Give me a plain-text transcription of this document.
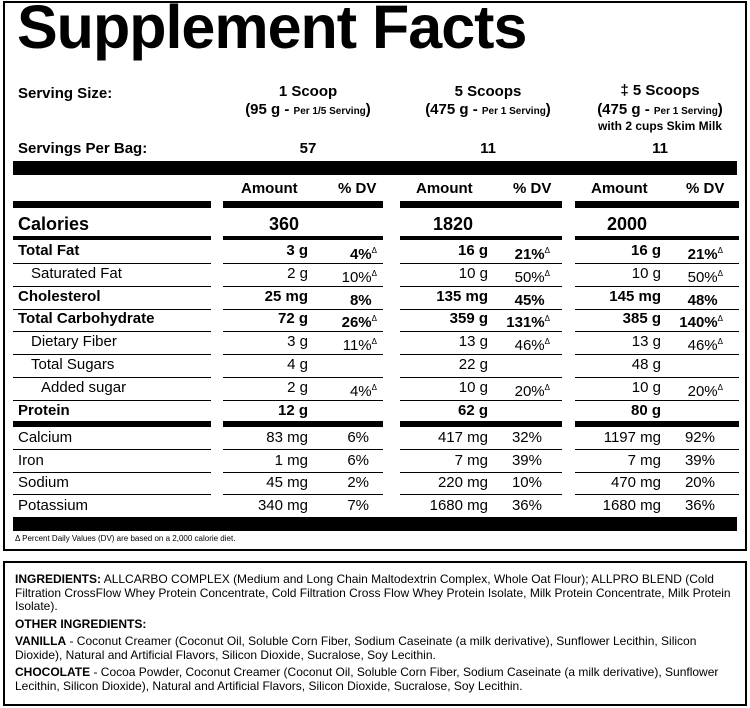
Supplement Facts
Serving Size:	1 Scoop	5 Scoops	‡ 5 Scoops
(95 g - Per 1/5 Serving)	(475 g - Per 1 Serving)	(475 g - Per 1 Serving)
with 2 cups Skim Milk
Servings Per Bag:	57	11	11
Amount	% DV	Amount	% DV	Amount	% DV
Calories	360	1820	2000
Total Fat	3 g	4%$^\Delta$	16 g 21%$^\Delta$	16 g 21%$^\Delta$
Saturated Fat	2 g 10%$^\Delta$	10 g 50%$^\Delta$	10 g 50%$^\Delta$
Cholesterol	25 mg	8%	135 mg 45%	145 mg 48%
Total Carbohydrate	72 g 26%$^\Delta$	359 g 131%$^\Delta$	385 g 140%$^\Delta$
Dietary Fiber	3 g 11%$^\Delta$	13 g 46%$^\Delta$	13 g 46%$^\Delta$
Total Sugars	4 g	22 g	48 g
Added sugar	2 g	4%$^\Delta$	10 g 20%$^\Delta$	10 g 20%$^\Delta$
Protein	12 g	62 g	80 g
Calcium	83 mg	6%	417 mg 32%	1197 mg 92%
Iron	1 mg	6%	7 mg 39%	7 mg 39%
Sodium	45 mg	2%	220 mg 10%	470 mg 20%
Potassium	340 mg	7%	1680 mg 36%	1680 mg 36%
Δ Percent Daily Values (DV) are based on a 2,000 calorie diet.

INGREDIENTS: ALLCARBO COMPLEX (Medium and Long Chain Maltodextrin Complex, Whole Oat Flour); ALLPRO BLEND (Cold Filtration CrossFlow Whey Protein Concentrate, Cold Filtration Cross Flow Whey Protein Isolate, Milk Protein Concentrate, Milk Protein Isolate).

OTHER INGREDIENTS:

VANILLA - Coconut Creamer (Coconut Oil, Soluble Corn Fiber, Sodium Caseinate (a milk derivative), Sunflower Lecithin, Silicon Dioxide), Natural and Artificial Flavors, Silicon Dioxide, Sucralose, Soy Lecithin.

CHOCOLATE - Cocoa Powder, Coconut Creamer (Coconut Oil, Soluble Corn Fiber, Sodium Caseinate (a milk derivative), Sunflower Lecithin, Silicon Dioxide), Natural and Artificial Flavors, Silicon Dioxide, Sucralose, Soy Lecithin.
